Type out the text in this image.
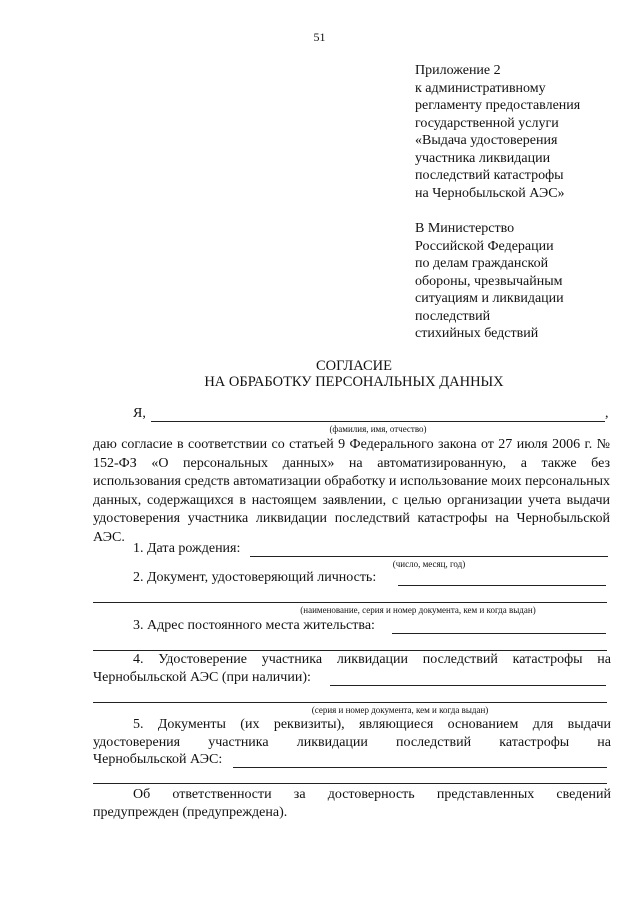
51
Приложение 2
к административному
регламенту предоставления
государственной услуги
«Выдача удостоверения
участника ликвидации
последствий катастрофы
на Чернобыльской АЭС»
В Министерство
Российской Федерации
по делам гражданской
обороны, чрезвычайным
ситуациям и ликвидации
последствий
стихийных бедствий
СОГЛАСИЕ
НА ОБРАБОТКУ ПЕРСОНАЛЬНЫХ ДАННЫХ
Я,	,
(фамилия, имя, отчество)
даю согласие в соответствии со статьей 9 Федерального закона от 27 июля 2006 г. № 152-ФЗ «О персональных данных» на автоматизированную, а также без использования средств автоматизации обработку и использование моих персональных данных, содержащихся в настоящем заявлении, с целью организации учета выдачи удостоверения участника ликвидации последствий катастрофы на Чернобыльской АЭС.
1. Дата рождения:
(число, месяц, год)
2. Документ, удостоверяющий личность:
(наименование, серия и номер документа, кем и когда выдан)
3. Адрес постоянного места жительства:
4. Удостоверение участника ликвидации последствий катастрофы на
Чернобыльской АЭС (при наличии):
(серия и номер документа, кем и когда выдан)
5. Документы (их реквизиты), являющиеся основанием для выдачи
удостоверения участника ликвидации последствий катастрофы на
Чернобыльской АЭС:
Об ответственности за достоверность представленных сведений
предупрежден (предупреждена).
